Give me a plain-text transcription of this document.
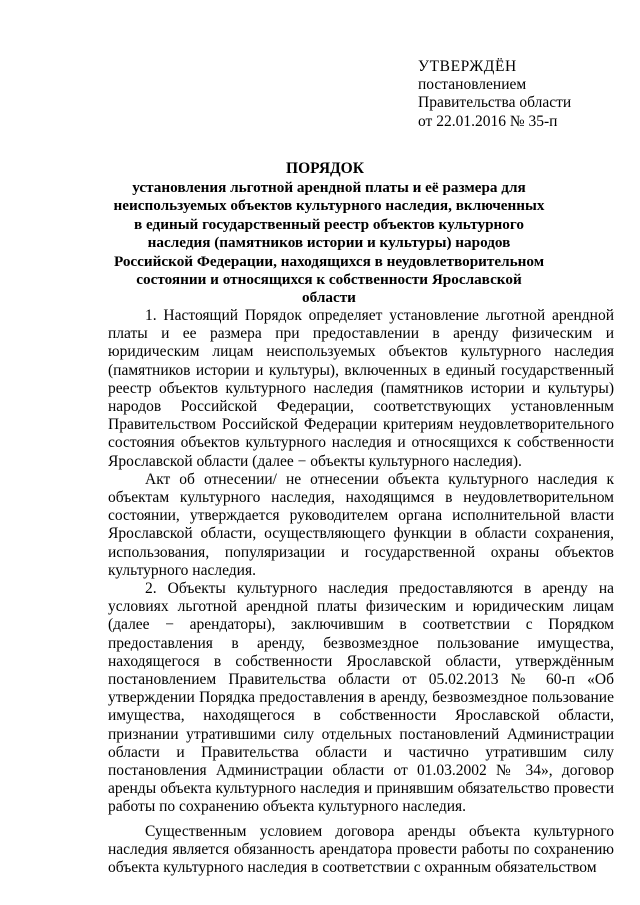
УТВЕРЖДЁН
постановлением
Правительства области
от 22.01.2016 № 35-п
ПОРЯДОК
установления льготной арендной платы и её размера для неиспользуемых объектов культурного наследия, включенных в единый государственный реестр объектов культурного наследия (памятников истории и культуры) народов Российской Федерации, находящихся в неудовлетворительном состоянии и относящихся к собственности Ярославской области

1. Настоящий Порядок определяет установление льготной арендной платы и ее размера при предоставлении в аренду физическим и юридическим лицам неиспользуемых объектов культурного наследия (памятников истории и культуры), включенных в единый государственный реестр объектов культурного наследия (памятников истории и культуры) народов Российской Федерации, соответствующих установленным Правительством Российской Федерации критериям неудовлетворительного состояния объектов культурного наследия и относящихся к собственности Ярославской области (далее − объекты культурного наследия).

Акт об отнесении/ не отнесении объекта культурного наследия к объектам культурного наследия, находящимся в неудовлетворительном состоянии, утверждается руководителем органа исполнительной власти Ярославской области, осуществляющего функции в области сохранения, использования, популяризации и государственной охраны объектов культурного наследия.

2. Объекты культурного наследия предоставляются в аренду на условиях льготной арендной платы физическим и юридическим лицам (далее − арендаторы), заключившим в соответствии с Порядком предоставления в аренду, безвозмездное пользование имущества, находящегося в собственности Ярославской области, утверждённым постановлением Правительства области от 05.02.2013 № 60-п «Об утверждении Порядка предоставления в аренду, безвозмездное пользование имущества, находящегося в собственности Ярославской области, признании утратившими силу отдельных постановлений Администрации области и Правительства области и частично утратившим силу постановления Администрации области от 01.03.2002 № 34», договор аренды объекта культурного наследия и принявшим обязательство провести работы по сохранению объекта культурного наследия.

Существенным условием договора аренды объекта культурного наследия является обязанность арендатора провести работы по сохранению объекта культурного наследия в соответствии с охранным обязательством
